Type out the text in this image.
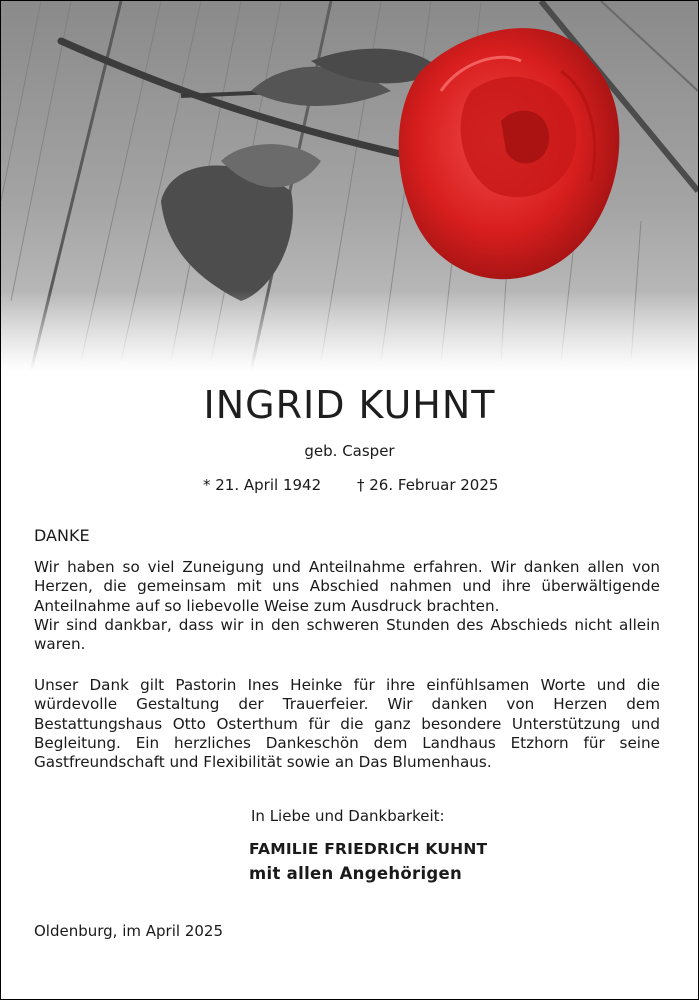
INGRID KUHNT
geb. Casper
* 21. April 1942 † 26. Februar 2025
DANKE
Wir haben so viel Zuneigung und Anteilnahme erfahren. Wir danken allen von Herzen, die gemeinsam mit uns Abschied nahmen und ihre überwältigende Anteilnahme auf so liebevolle Weise zum Ausdruck brachten.
Wir sind dankbar, dass wir in den schweren Stunden des Abschieds nicht allein waren.
Unser Dank gilt Pastorin Ines Heinke für ihre einfühlsamen Worte und die würdevolle Gestaltung der Trauerfeier. Wir danken von Herzen dem Bestattungshaus Otto Osterthum für die ganz besondere Unterstützung und Begleitung. Ein herzliches Dankeschön dem Landhaus Etzhorn für seine Gastfreundschaft und Flexibilität sowie an Das Blumenhaus.
In Liebe und Dankbarkeit:
FAMILIE FRIEDRICH KUHNT
mit allen Angehörigen
Oldenburg, im April 2025
